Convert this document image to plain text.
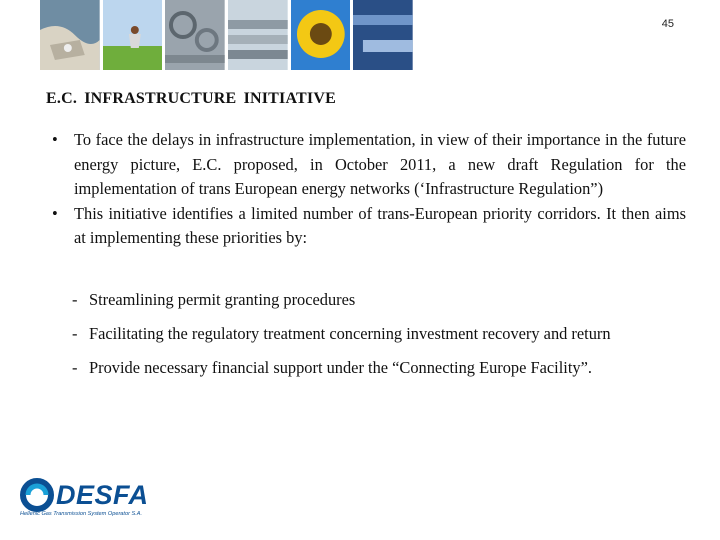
45
E.C. INFRASTRUCTURE INITIATIVE
• To face the delays in infrastructure implementation, in view of their importance in the future energy picture, E.C. proposed, in October 2011, a new draft Regulation for the implementation of trans European energy networks (‘Infrastructure Regulation”)
• This initiative identifies a limited number of trans-European priority corridors. It then aims at implementing these priorities by:
- Streamlining permit granting procedures
- Facilitating the regulatory treatment concerning investment recovery and return
- Provide necessary financial support under the “Connecting Europe Facility”.
DESFA
Hellenic Gas Transmission System Operator S.A.
